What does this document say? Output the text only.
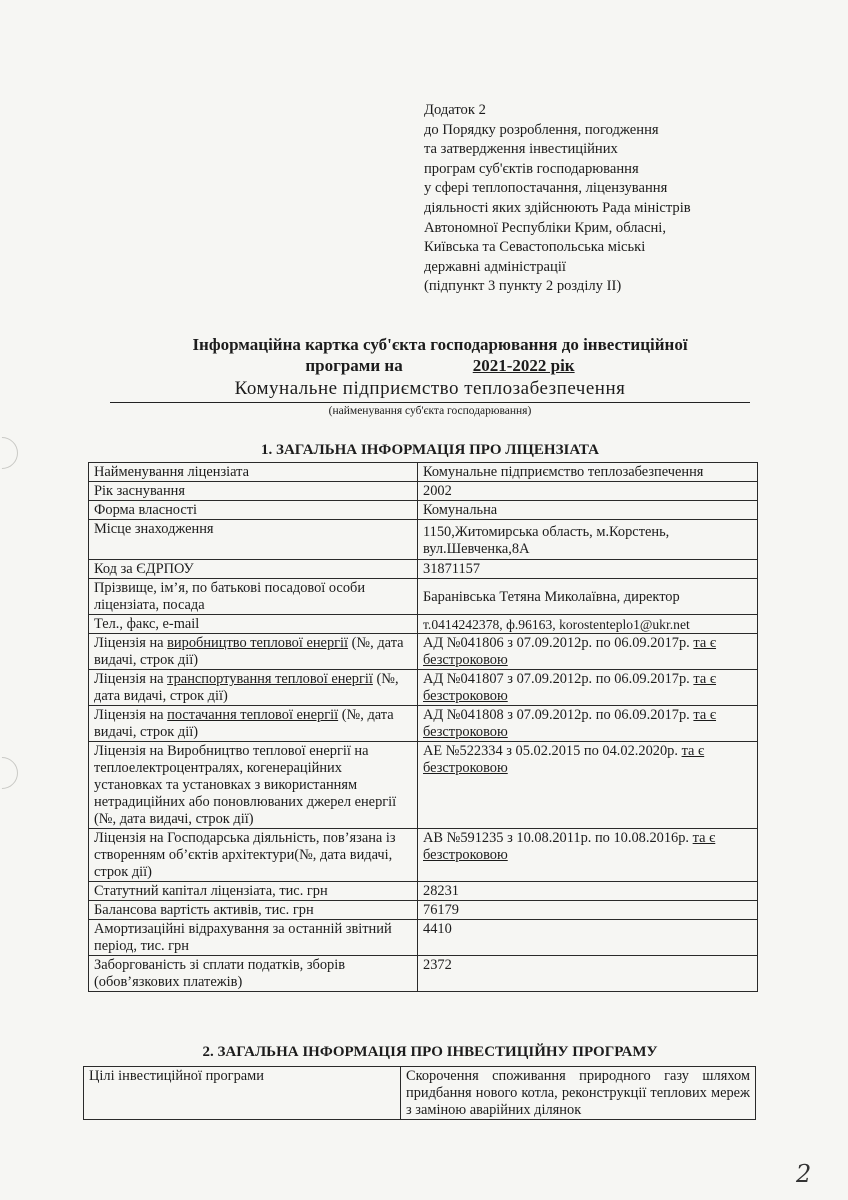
Додаток 2
до Порядку розроблення, погодження
та затвердження інвестиційних
програм суб'єктів господарювання
у сфері теплопостачання, ліцензування
діяльності яких здійснюють Рада міністрів
Автономної Республіки Крим, обласні,
Київська та Севастопольська міські
державні адміністрації
(підпункт 3 пункту 2 розділу II)
Інформаційна картка суб'єкта господарювання до інвестиційної
програми на	2021-2022 рік
Комунальне підприємство теплозабезпечення
(найменування суб'єкта господарювання)
1. ЗАГАЛЬНА ІНФОРМАЦІЯ ПРО ЛІЦЕНЗІАТА
Найменування ліцензіата	Комунальне підприємство теплозабезпечення
Рік заснування	2002
Форма власності	Комунальна
Місце знаходження	1150,Житомирська область, м.Корстень, вул.Шевченка,8А
Код за ЄДРПОУ	31871157
Прізвище, ім’я, по батькові посадової особи ліцензіата, посада	Баранівська Тетяна Миколаївна, директор
Тел., факс, e-mail	т.0414242378, ф.96163, korostenteplo1@ukr.net
Ліцензія на виробництво теплової енергії (№, дата видачі, строк дії)	АД №041806 з 07.09.2012р. по 06.09.2017р. та є безстроковою
Ліцензія на транспортування теплової енергії (№, дата видачі, строк дії)	АД №041807 з 07.09.2012р. по 06.09.2017р. та є безстроковою
Ліцензія на постачання теплової енергії (№, дата видачі, строк дії)	АД №041808 з 07.09.2012р. по 06.09.2017р. та є безстроковою
Ліцензія на Виробництво теплової енергії на теплоелектроцентралях, когенераційних установках та установках з використанням нетрадиційних або поновлюваних джерел енергії (№, дата видачі, строк дії)	АЕ №522334 з 05.02.2015 по 04.02.2020р. та є безстроковою
Ліцензія на Господарська діяльність, пов’язана із створенням об’єктів архітектури(№, дата видачі, строк дії)	АВ №591235 з 10.08.2011р. по 10.08.2016р. та є безстроковою
Статутний капітал ліцензіата, тис. грн	28231
Балансова вартість активів, тис. грн	76179
Амортизаційні відрахування за останній звітний період, тис. грн	4410
Заборгованість зі сплати податків, зборів (обов’язкових платежів)	2372
2. ЗАГАЛЬНА ІНФОРМАЦІЯ ПРО ІНВЕСТИЦІЙНУ ПРОГРАМУ
Цілі інвестиційної програми	Скорочення споживання природного газу шляхом придбання нового котла, реконструкції теплових мереж з заміною аварійних ділянок
2
